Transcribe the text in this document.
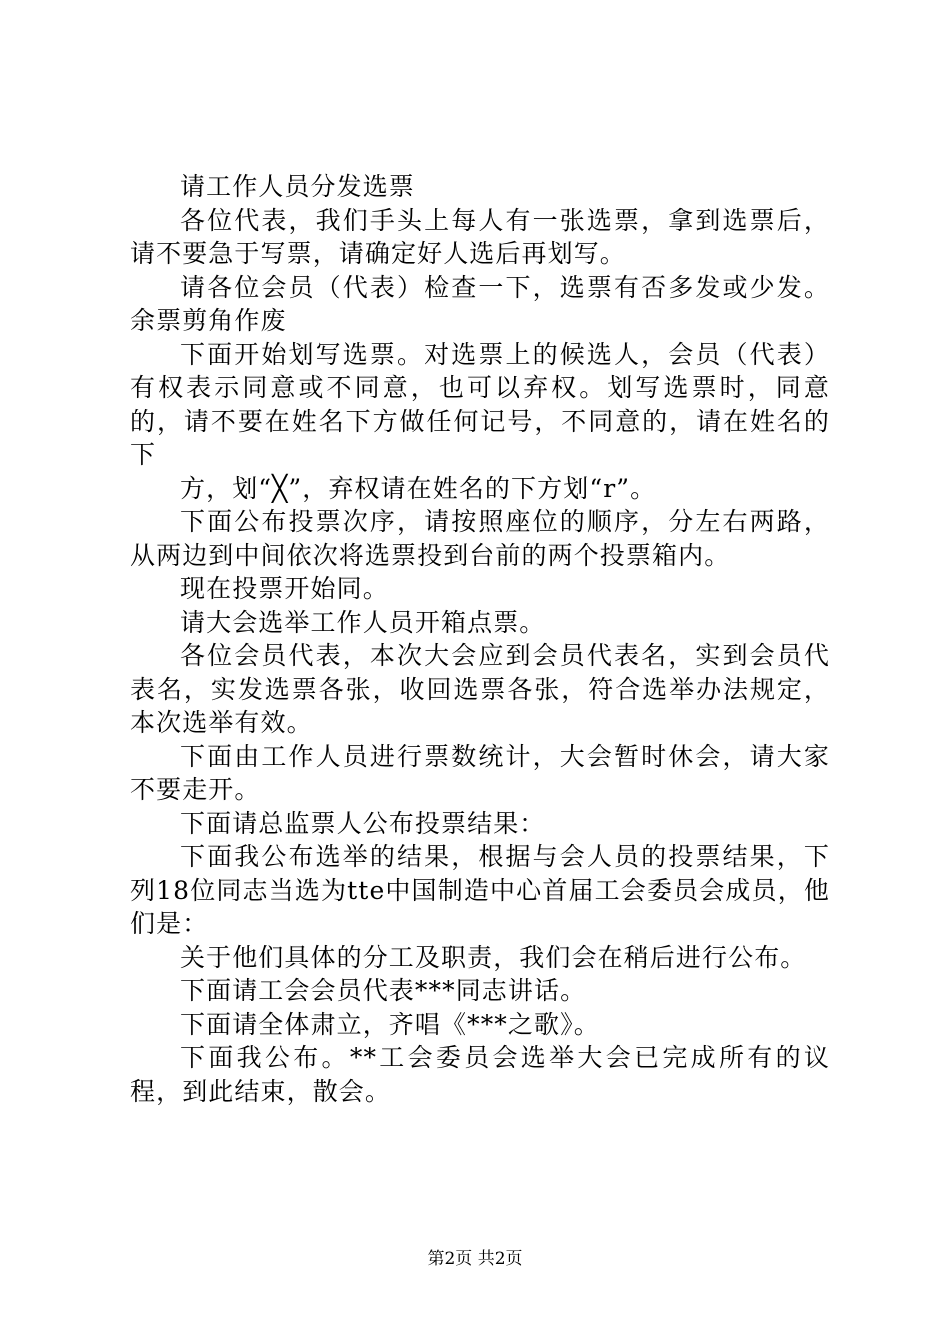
请工作人员分发选票

各位代表，我们手头上每人有一张选票，拿到选票后，请不要急于写票，请确定好人选后再划写。

请各位会员（代表）检查一下，选票有否多发或少发。余票剪角作废

下面开始划写选票。对选票上的候选人，会员（代表）有权表示同意或不同意，也可以弃权。划写选票时，同意的，请不要在姓名下方做任何记号，不同意的，请在姓名的下

方，划“╳”，弃权请在姓名的下方划“r”。

下面公布投票次序，请按照座位的顺序，分左右两路，从两边到中间依次将选票投到台前的两个投票箱内。

现在投票开始同。

请大会选举工作人员开箱点票。

各位会员代表，本次大会应到会员代表名，实到会员代表名，实发选票各张，收回选票各张，符合选举办法规定，本次选举有效。

下面由工作人员进行票数统计，大会暂时休会，请大家不要走开。

下面请总监票人公布投票结果：

下面我公布选举的结果，根据与会人员的投票结果，下列18位同志当选为tte中国制造中心首届工会委员会成员，他们是：

关于他们具体的分工及职责，我们会在稍后进行公布。

下面请工会会员代表***同志讲话。

下面请全体肃立，齐唱《***之歌》。

下面我公布。**工会委员会选举大会已完成所有的议程，到此结束，散会。

第2页 共2页
